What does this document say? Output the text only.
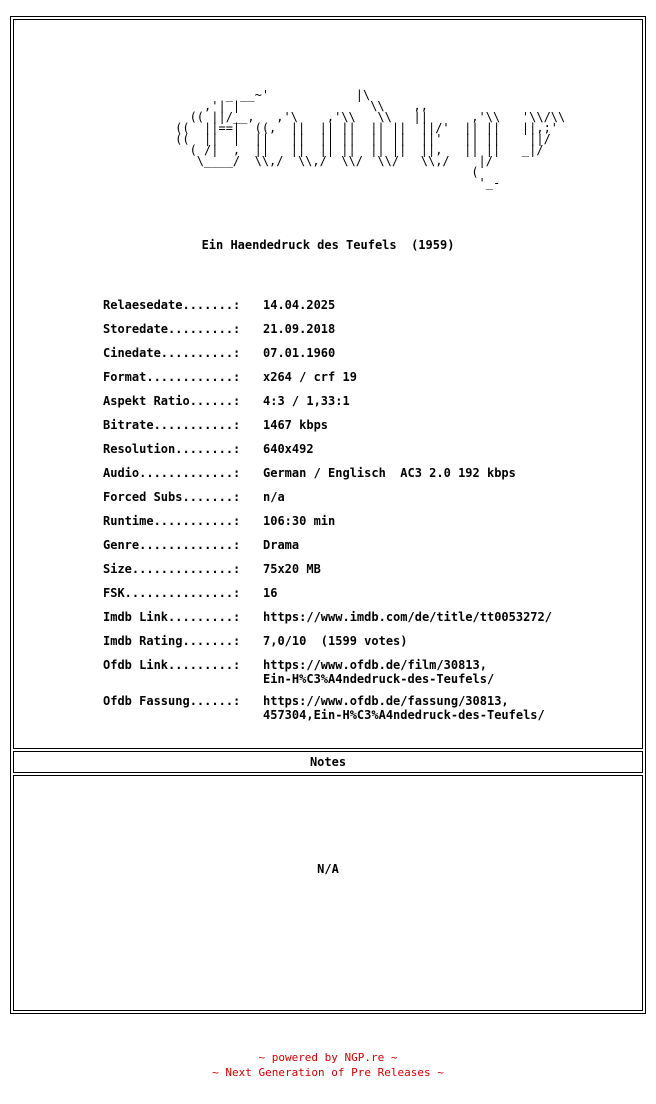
_ __~'            |\
,'| |                  \\    ,,
(( ||/__,   ,'\    ,'\\   \\   ||      ,'\\   '\\/\\
((  ||==|  ((,  ||  || ||  || ||  ||/'  || ||   ||,;'
((  ||  |  ||   ||  || ||  || ||  ||'   || ||    ||/
( /|  ,  ||   ||  || ||  || ||  ||,   || ||   _|/
\____/  \\,/  \\,/  \\/  \\/   \\,/    |/
(
'_-
Ein Haendedruck des Teufels  (1959)
Relaesedate.......:	14.04.2025
Storedate.........:	21.09.2018
Cinedate..........:	07.01.1960
Format............:	x264 / crf 19
Aspekt Ratio......:	4:3 / 1,33:1
Bitrate...........:	1467 kbps
Resolution........:	640x492
Audio.............:	German / Englisch  AC3 2.0 192 kbps
Forced Subs.......:	n/a
Runtime...........:	106:30 min
Genre.............:	Drama
Size..............:	75x20 MB
FSK...............:	16
Imdb Link.........:	https://www.imdb.com/de/title/tt0053272/
Imdb Rating.......:	7,0/10  (1599 votes)
Ofdb Link.........:	https://www.ofdb.de/film/30813,
Ein-H%C3%A4ndedruck-des-Teufels/
Ofdb Fassung......:	https://www.ofdb.de/fassung/30813,
457304,Ein-H%C3%A4ndedruck-des-Teufels/
Notes
N/A
~ powered by NGP.re ~
~ Next Generation of Pre Releases ~
